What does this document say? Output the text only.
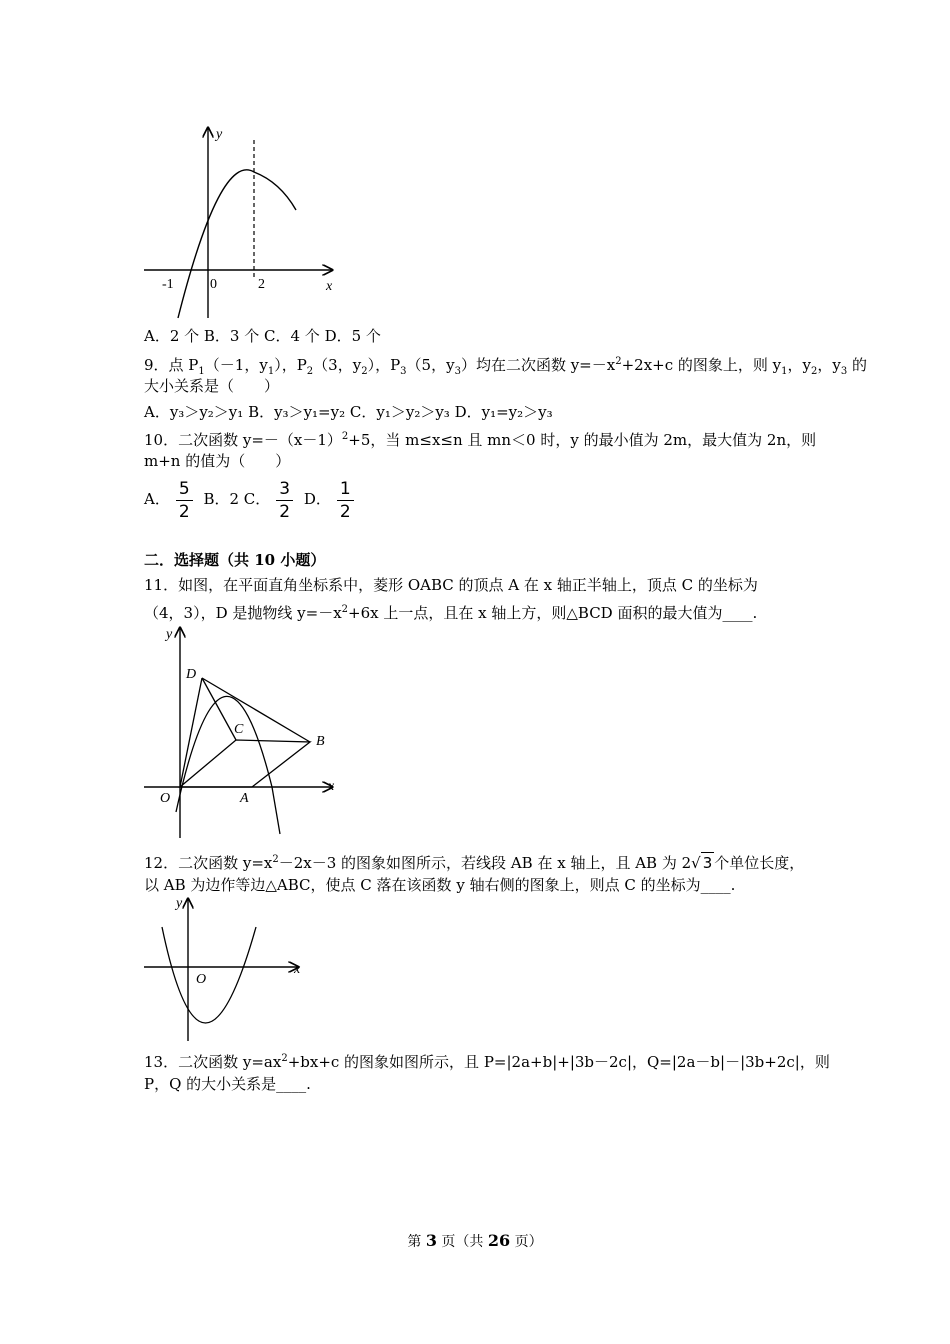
y
x
-1	0	2
A．2 个 B．3 个 C．4 个 D．5 个
9．点 $P_1(-1$，$y_1$），$P_2(3$，$y_2$），$P_3(5$，$y_3$）均在二次函数 $y=-x^2+2x+c$ 的图象上，则 $y_1$，$y_2$，$y_3$ 的
大小关系是（　　）
A．y₃＞y₂＞y₁ B．y₃＞y₁=y₂ C．y₁＞y₂＞y₃ D．y₁=y₂＞y₃
10．二次函数 $y=-(x-1)^2+5$，当 m≤x≤n 且 mn＜0 时，y 的最小值为 2m，最大值为 2n，则
m+n 的值为（　　）
A． $\frac{5}{2}$ B．2 C． $\frac{3}{2}$ D． $\frac{1}{2}$
二．选择题（共 10 小题）
11．如图，在平面直角坐标系中，菱形 OABC 的顶点 A 在 x 轴正半轴上，顶点 C 的坐标为
（4，3），D 是抛物线 $y=-x^2+6x$ 上一点，且在 x 轴上方，则△BCD 面积的最大值为____.
y
x
D
C
B
O	A
12．二次函数 $y=x^2-2x-3$ 的图象如图所示，若线段 AB 在 x 轴上，且 AB 为 2√ 3 个单位长度，
以 AB 为边作等边△ABC，使点 C 落在该函数 y 轴右侧的图象上，则点 C 的坐标为____.
y
x
O
13．二次函数 $y=ax^2+bx+c$ 的图象如图所示，且 P=|2a+b|+|3b－2c|，Q=|2a－b|－|3b+2c|，则
P，Q 的大小关系是____.
第 3 页（共 26 页）
